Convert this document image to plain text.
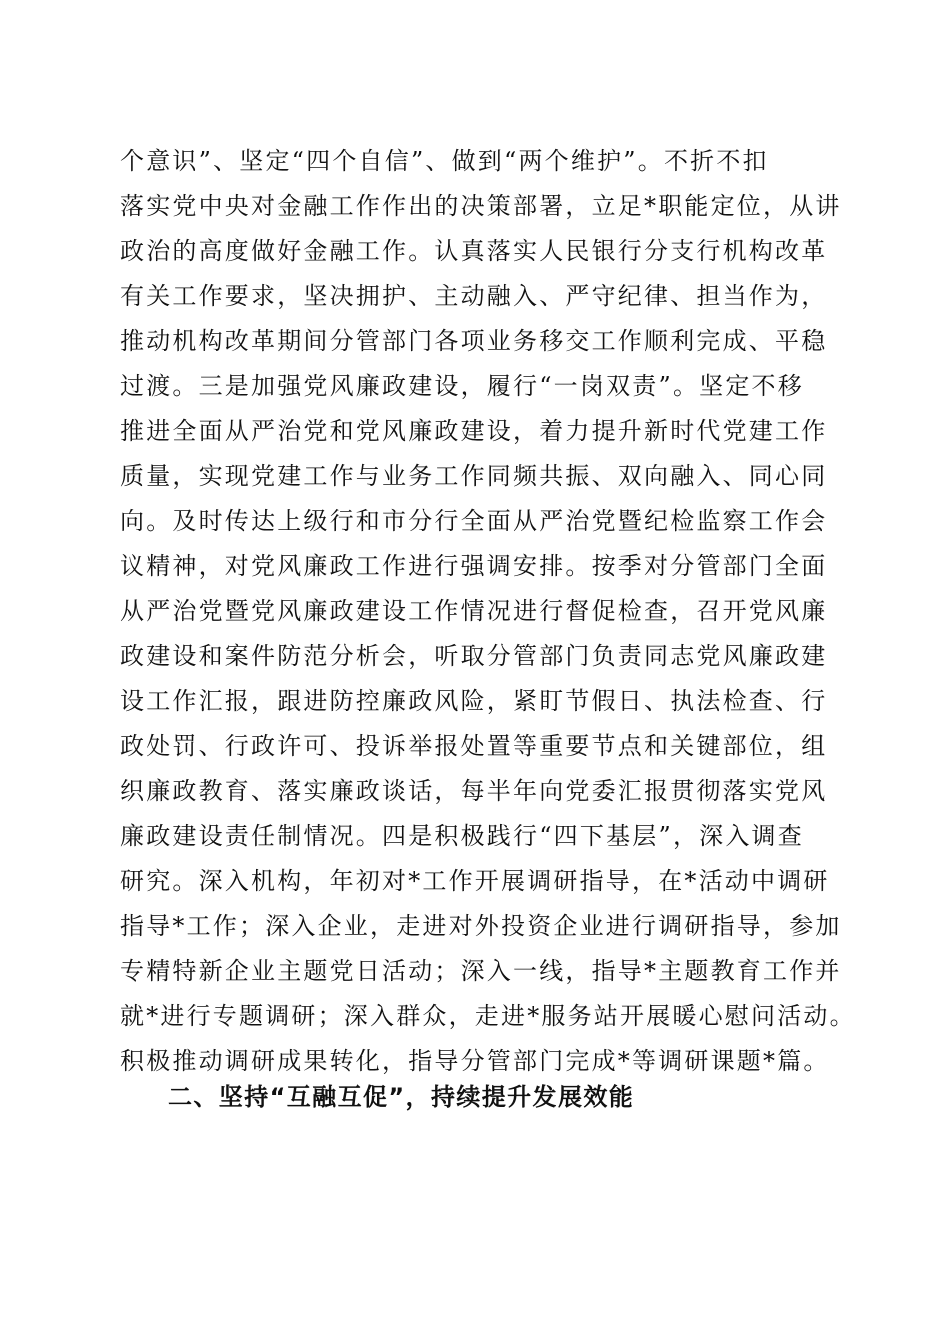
个意识”、坚定“四个自信”、做到“两个维护”。不折不扣
落实党中央对金融工作作出的决策部署，立足*职能定位，从讲
政治的高度做好金融工作。认真落实人民银行分支行机构改革
有关工作要求，坚决拥护、主动融入、严守纪律、担当作为，
推动机构改革期间分管部门各项业务移交工作顺利完成、平稳
过渡。三是加强党风廉政建设，履行“一岗双责”。坚定不移
推进全面从严治党和党风廉政建设，着力提升新时代党建工作
质量，实现党建工作与业务工作同频共振、双向融入、同心同
向。及时传达上级行和市分行全面从严治党暨纪检监察工作会
议精神，对党风廉政工作进行强调安排。按季对分管部门全面
从严治党暨党风廉政建设工作情况进行督促检查，召开党风廉
政建设和案件防范分析会，听取分管部门负责同志党风廉政建
设工作汇报，跟进防控廉政风险，紧盯节假日、执法检查、行
政处罚、行政许可、投诉举报处置等重要节点和关键部位，组
织廉政教育、落实廉政谈话，每半年向党委汇报贯彻落实党风
廉政建设责任制情况。四是积极践行“四下基层”，深入调查
研究。深入机构，年初对*工作开展调研指导，在*活动中调研
指导*工作；深入企业，走进对外投资企业进行调研指导，参加
专精特新企业主题党日活动；深入一线，指导*主题教育工作并
就*进行专题调研；深入群众，走进*服务站开展暖心慰问活动。
积极推动调研成果转化，指导分管部门完成*等调研课题*篇。
二、坚持“互融互促”，持续提升发展效能
